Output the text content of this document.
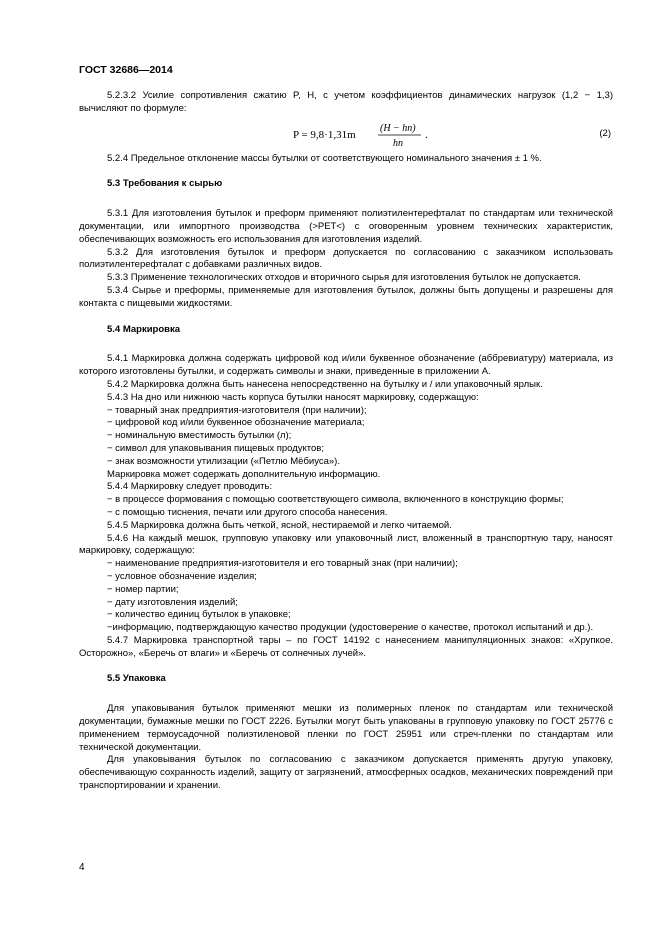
ГОСТ 32686—2014

5.2.3.2 Усилие сопротивления сжатию P, Н, с учетом коэффициентов динамических нагрузок (1,2 − 1,3) вычисляют по формуле:

P = 9,8·1,31m
(H − hn)
hn
.	(2)

5.2.4 Предельное отклонение массы бутылки от соответствующего номинального значения ± 1 %.

5.3 Требования к сырью

5.3.1 Для изготовления бутылок и преформ применяют полиэтилентерефталат по стандартам или технической документации, или импортного производства (>PET<) с оговоренным уровнем технических характеристик, обеспечивающих возможность его использования для изготовления изделий.

5.3.2 Для изготовления бутылок и преформ допускается по согласованию с заказчиком использовать полиэтилентерефталат с добавками различных видов.

5.3.3 Применение технологических отходов и вторичного сырья для изготовления бутылок не допускается.

5.3.4 Сырье и преформы, применяемые для изготовления бутылок, должны быть допущены и разрешены для контакта с пищевыми жидкостями.

5.4 Маркировка

5.4.1 Маркировка должна содержать цифровой код и/или буквенное обозначение (аббревиатуру) материала, из которого изготовлены бутылки, и содержать символы и знаки, приведенные в приложении А.

5.4.2 Маркировка должна быть нанесена непосредственно на бутылку и / или упаковочный ярлык.

5.4.3 На дно или нижнюю часть корпуса бутылки наносят маркировку, содержащую:

− товарный знак предприятия-изготовителя (при наличии);

− цифровой код и/или буквенное обозначение материала;

− номинальную вместимость бутылки (л);

− символ для упаковывания пищевых продуктов;

− знак возможности утилизации («Петлю Мёбиуса»).

Маркировка может содержать дополнительную информацию.

5.4.4 Маркировку следует проводить:

− в процессе формования с помощью соответствующего символа, включенного в конструкцию формы;

− с помощью тиснения, печати или другого способа нанесения.

5.4.5 Маркировка должна быть четкой, ясной, нестираемой и легко читаемой.

5.4.6 На каждый мешок, групповую упаковку или упаковочный лист, вложенный в транспортную тару, наносят маркировку, содержащую:

− наименование предприятия-изготовителя и его товарный знак (при наличии);

− условное обозначение изделия;

− номер партии;

− дату изготовления изделий;

− количество единиц бутылок в упаковке;

−информацию, подтверждающую качество продукции (удостоверение о качестве, протокол испытаний и др.).

5.4.7 Маркировка транспортной тары – по ГОСТ 14192 с нанесением манипуляционных знаков: «Хрупкое. Осторожно», «Беречь от влаги» и «Беречь от солнечных лучей».

5.5 Упаковка

Для упаковывания бутылок применяют мешки из полимерных пленок по стандартам или технической документации, бумажные мешки по ГОСТ 2226. Бутылки могут быть упакованы в групповую упаковку по ГОСТ 25776 с применением термоусадочной полиэтиленовой пленки по ГОСТ 25951 или стреч-пленки по стандартам или технической документации.

Для упаковывания бутылок по согласованию с заказчиком допускается применять другую упаковку, обеспечивающую сохранность изделий, защиту от загрязнений, атмосферных осадков, механических повреждений при транспортировании и хранении.

4
